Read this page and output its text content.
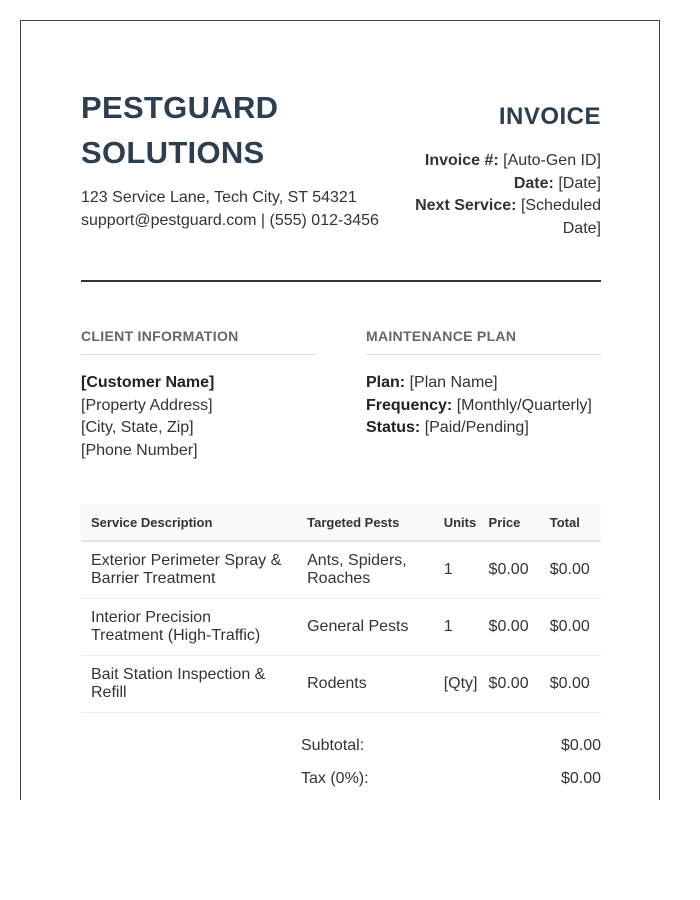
PESTGUARD SOLUTIONS
123 Service Lane, Tech City, ST 54321
support@pestguard.com | (555) 012-3456
INVOICE
Invoice #: [Auto-Gen ID]
Date: [Date]
Next Service: [Scheduled Date]
CLIENT INFORMATION
[Customer Name]
[Property Address]
[City, State, Zip]
[Phone Number]
MAINTENANCE PLAN
Plan: [Plan Name]
Frequency: [Monthly/Quarterly]
Status: [Paid/Pending]
Service Description	Targeted Pests	Units	Price	Total
Exterior Perimeter Spray & Barrier Treatment	Ants, Spiders, Roaches	1	$0.00	$0.00
Interior Precision Treatment (High-Traffic)	General Pests	1	$0.00	$0.00
Bait Station Inspection & Refill	Rodents	[Qty]	$0.00	$0.00
Subtotal:	$0.00
Tax (0%):	$0.00
